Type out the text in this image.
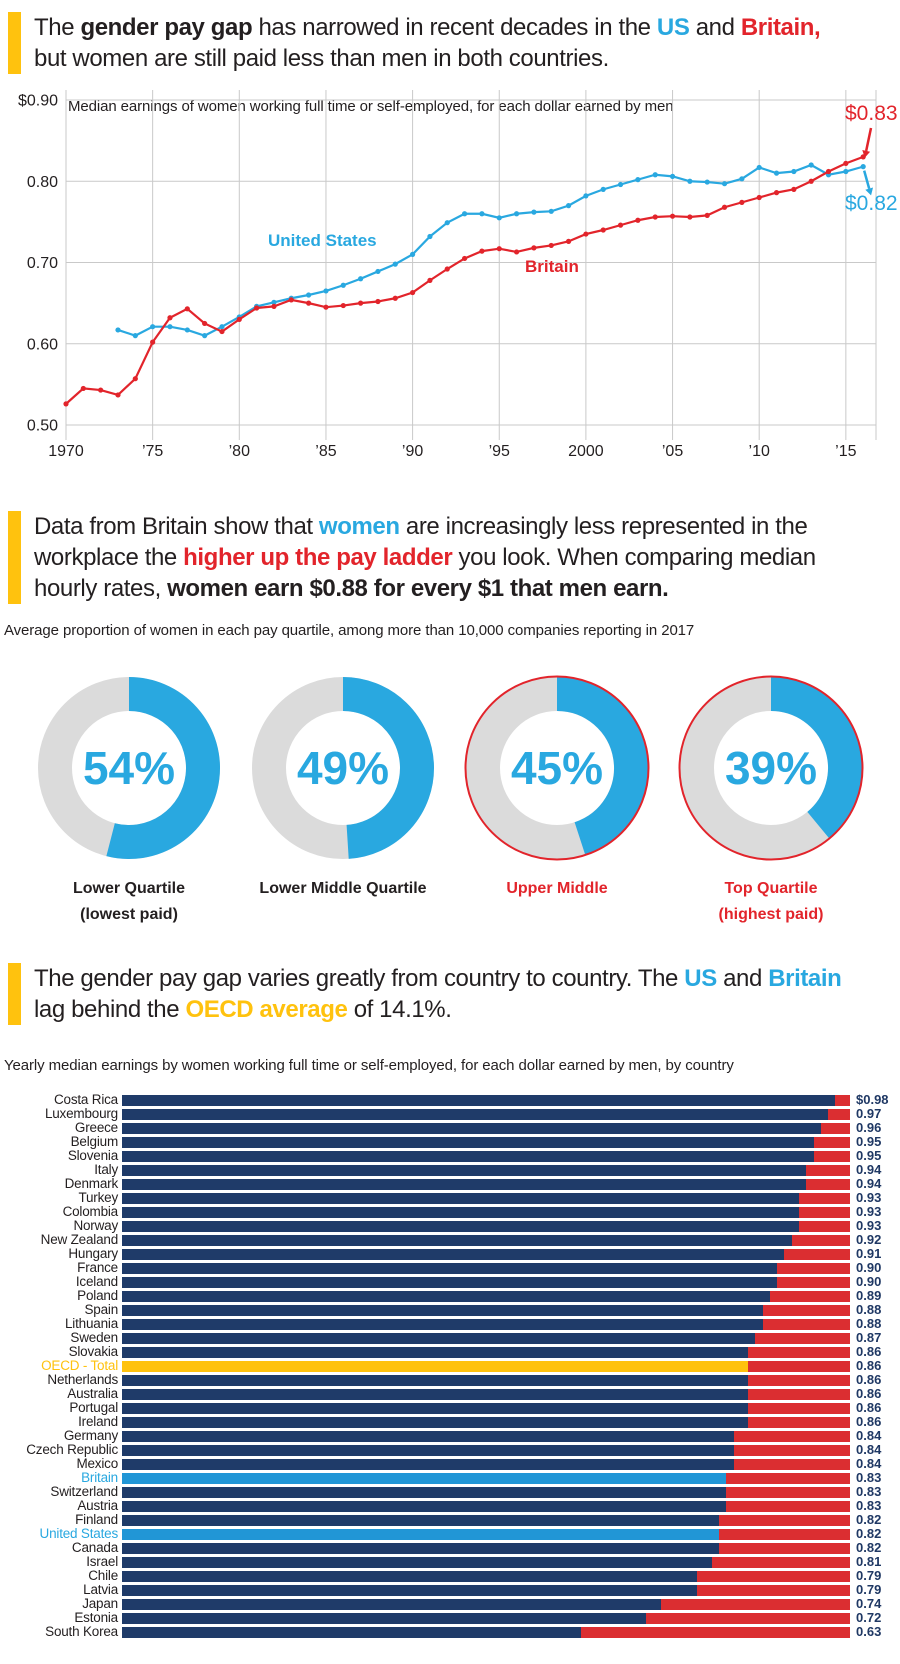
The gender pay gap has narrowed in recent decades in the US and Britain,
but women are still paid less than men in both countries.
Median earnings of women working full time or self-employed, for each dollar earned by men
$0.90
0.80
0.70
0.60
0.50
1970	’75	’80	’85	’90	’95	2000	’05	’10	’15
United States
$0.82
Britain
$0.83
Data from Britain show that women are increasingly less represented in the
workplace the higher up the pay ladder you look. When comparing median
hourly rates, women earn $0.88 for every $1 that men earn.
Average proportion of women in each pay quartile, among more than 10,000 companies reporting in 2017
The gender pay gap varies greatly from country to country. The US and Britain
lag behind the OECD average of 14.1%.
Yearly median earnings by women working full time or self-employed, for each dollar earned by men, by country
Costa Rica	$0.98
Luxembourg	0.97
Greece	0.96
Belgium	0.95
Slovenia	0.95
Italy	0.94
Denmark	0.94
Turkey	0.93
Colombia	0.93
Norway	0.93
New Zealand	0.92
Hungary	0.91
France	0.90
Iceland	0.90
Poland	0.89
Spain	0.88
Lithuania	0.88
Sweden	0.87
Slovakia	0.86
OECD - Total	0.86
Netherlands	0.86
Australia	0.86
Portugal	0.86
Ireland	0.86
Germany	0.84
Czech Republic	0.84
Mexico	0.84
Britain	0.83
Switzerland	0.83
Austria	0.83
Finland	0.82
United States	0.82
Canada	0.82
Israel	0.81
Chile	0.79
Latvia	0.79
Japan	0.74
Estonia	0.72
South Korea	0.63
54%
Lower Quartile
(lowest paid)
49%
Lower Middle Quartile
45%
Upper Middle
39%
Top Quartile
(highest paid)
